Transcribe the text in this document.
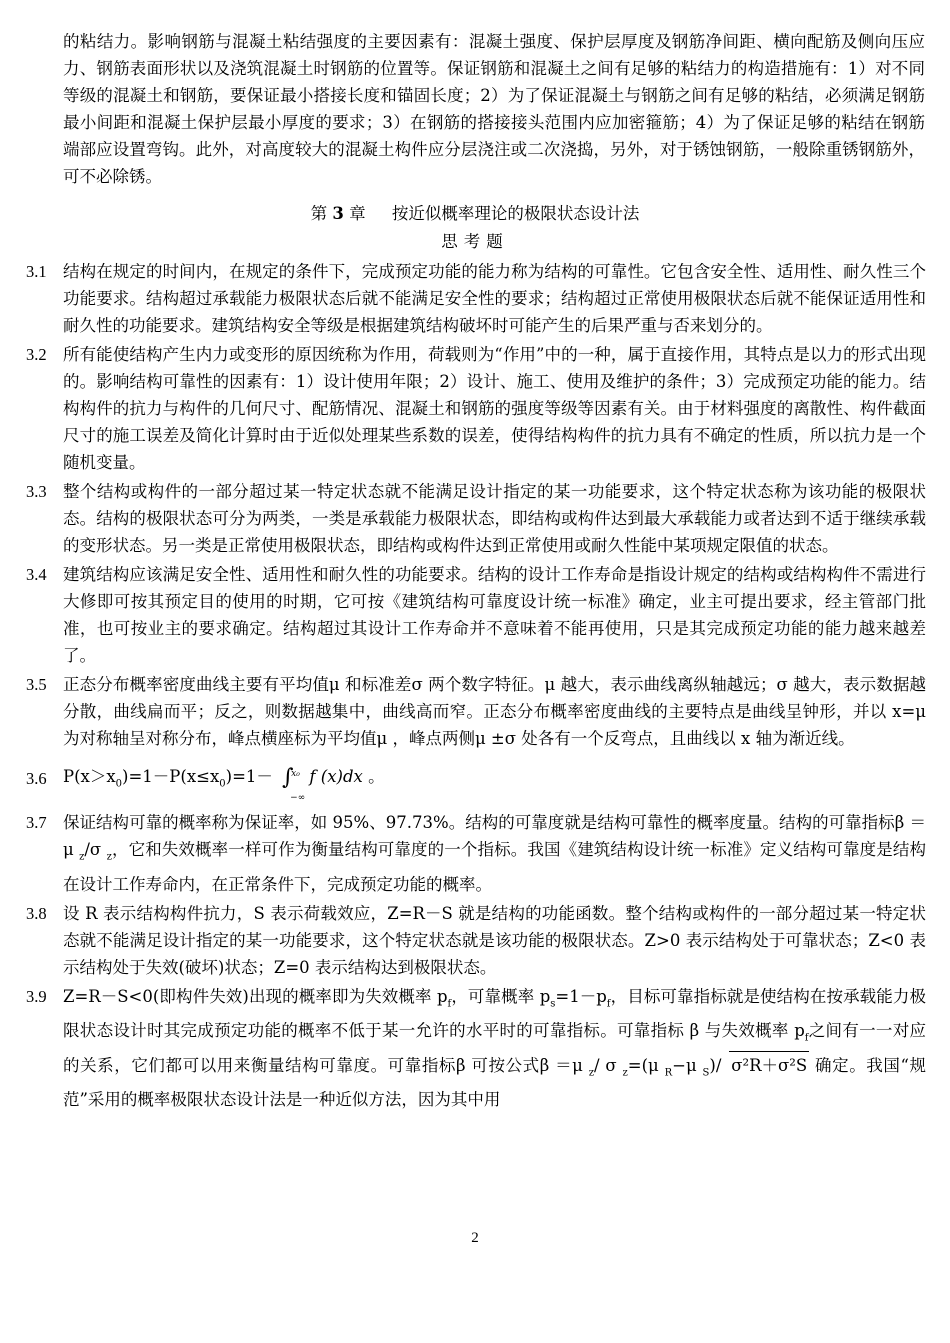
的粘结力。影响钢筋与混凝土粘结强度的主要因素有：混凝土强度、保护层厚度及钢筋净间距、横向配筋及侧向压应力、钢筋表面形状以及浇筑混凝土时钢筋的位置等。保证钢筋和混凝土之间有足够的粘结力的构造措施有：1）对不同等级的混凝土和钢筋，要保证最小搭接长度和锚固长度；2）为了保证混凝土与钢筋之间有足够的粘结，必须满足钢筋最小间距和混凝土保护层最小厚度的要求；3）在钢筋的搭接接头范围内应加密箍筋；4）为了保证足够的粘结在钢筋端部应设置弯钩。此外，对高度较大的混凝土构件应分层浇注或二次浇捣，另外，对于锈蚀钢筋，一般除重锈钢筋外，可不必除锈。

第 3 章 按近似概率理论的极限状态设计法
思考题
3.1 结构在规定的时间内，在规定的条件下，完成预定功能的能力称为结构的可靠性。它包含安全性、适用性、耐久性三个功能要求。结构超过承载能力极限状态后就不能满足安全性的要求；结构超过正常使用极限状态后就不能保证适用性和耐久性的功能要求。建筑结构安全等级是根据建筑结构破坏时可能产生的后果严重与否来划分的。
3.2 所有能使结构产生内力或变形的原因统称为作用，荷载则为“作用”中的一种，属于直接作用，其特点是以力的形式出现的。影响结构可靠性的因素有：1）设计使用年限；2）设计、施工、使用及维护的条件；3）完成预定功能的能力。结构构件的抗力与构件的几何尺寸、配筋情况、混凝土和钢筋的强度等级等因素有关。由于材料强度的离散性、构件截面尺寸的施工误差及简化计算时由于近似处理某些系数的误差，使得结构构件的抗力具有不确定的性质，所以抗力是一个随机变量。
3.3 整个结构或构件的一部分超过某一特定状态就不能满足设计指定的某一功能要求，这个特定状态称为该功能的极限状态。结构的极限状态可分为两类，一类是承载能力极限状态，即结构或构件达到最大承载能力或者达到不适于继续承载的变形状态。另一类是正常使用极限状态，即结构或构件达到正常使用或耐久性能中某项规定限值的状态。
3.4 建筑结构应该满足安全性、适用性和耐久性的功能要求。结构的设计工作寿命是指设计规定的结构或结构构件不需进行大修即可按其预定目的使用的时期，它可按《建筑结构可靠度设计统一标准》确定，业主可提出要求，经主管部门批准，也可按业主的要求确定。结构超过其设计工作寿命并不意味着不能再使用，只是其完成预定功能的能力越来越差了。
3.5 正态分布概率密度曲线主要有平均值μ 和标准差σ 两个数字特征。μ 越大，表示曲线离纵轴越远；σ 越大，表示数据越分散，曲线扁而平；反之，则数据越集中，曲线高而窄。正态分布概率密度曲线的主要特点是曲线呈钟形，并以 x=μ 为对称轴呈对称分布，峰点横座标为平均值μ ，峰点两侧μ ±σ 处各有一个反弯点，且曲线以 x 轴为渐近线。
3.6 $P(x>x_0)=1-P(x\le x_0)=1-$ ∫
x₀
−∞
f (x)dx 。
3.7 保证结构可靠的概率称为保证率，如 95%、97.73%。结构的可靠度就是结构可靠性的概率度量。结构的可靠指标β ＝μ $_z$/σ $_z$，它和失效概率一样可作为衡量结构可靠度的一个指标。我国《建筑结构设计统一标准》定义结构可靠度是结构在设计工作寿命内，在正常条件下，完成预定功能的概率。
3.8 设 R 表示结构构件抗力，S 表示荷载效应，Z=R－S 就是结构的功能函数。整个结构或构件的一部分超过某一特定状态就不能满足设计指定的某一功能要求，这个特定状态就是该功能的极限状态。Z>0 表示结构处于可靠状态；Z<0 表示结构处于失效(破坏)状态；Z=0 表示结构达到极限状态。
3.9 Z=R－S<0(即构件失效)出现的概率即为失效概率 $p_f$，可靠概率 $p_s=1-p_f$，目标可靠指标就是使结构在按承载能力极限状态设计时其完成预定功能的概率不低于某一允许的水平时的可靠指标。可靠指标 β 与失效概率 $p_f$之间有一一对应的关系，它们都可以用来衡量结构可靠度。可靠指标β 可按公式β ＝μ $_z$/ σ $_z$=(μ $_R$−μ $_S$)/ σ²R＋σ²S 确定。我国“规范”采用的概率极限状态设计法是一种近似方法，因为其中用
2
